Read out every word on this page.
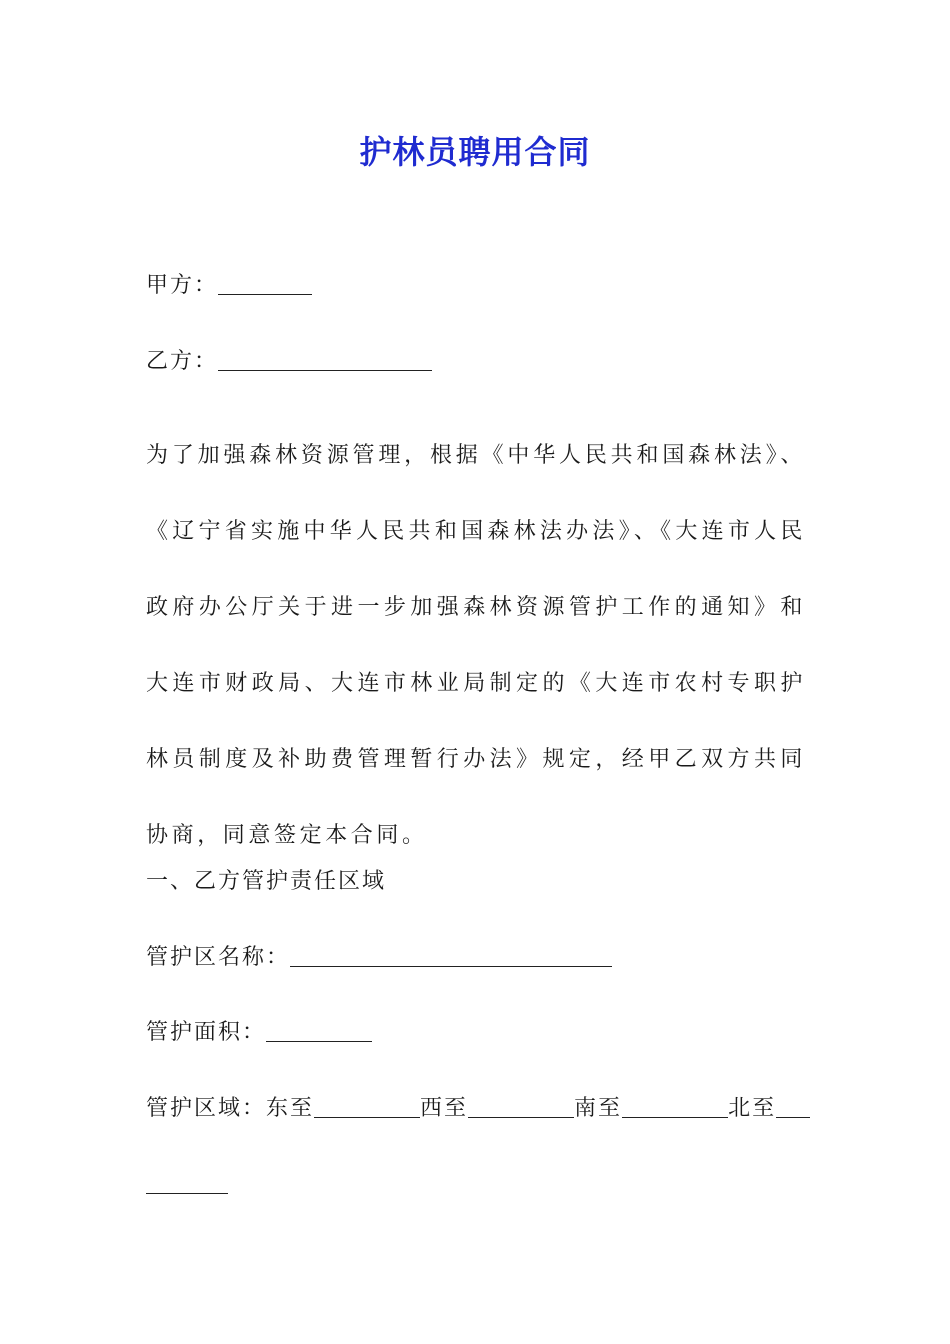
护林员聘用合同
甲方：
乙方：
为了加强森林资源管理，根据《中华人民共和国森林法》、《辽宁省实施中华人民共和国森林法办法》、《大连市人民政府办公厅关于进一步加强森林资源管护工作的通知》和大连市财政局、大连市林业局制定的《大连市农村专职护林员制度及补助费管理暂行办法》规定，经甲乙双方共同协商，同意签定本合同。
一、乙方管护责任区域
管护区名称：
管护面积：
管护区域：东至	西至	南至	北至
